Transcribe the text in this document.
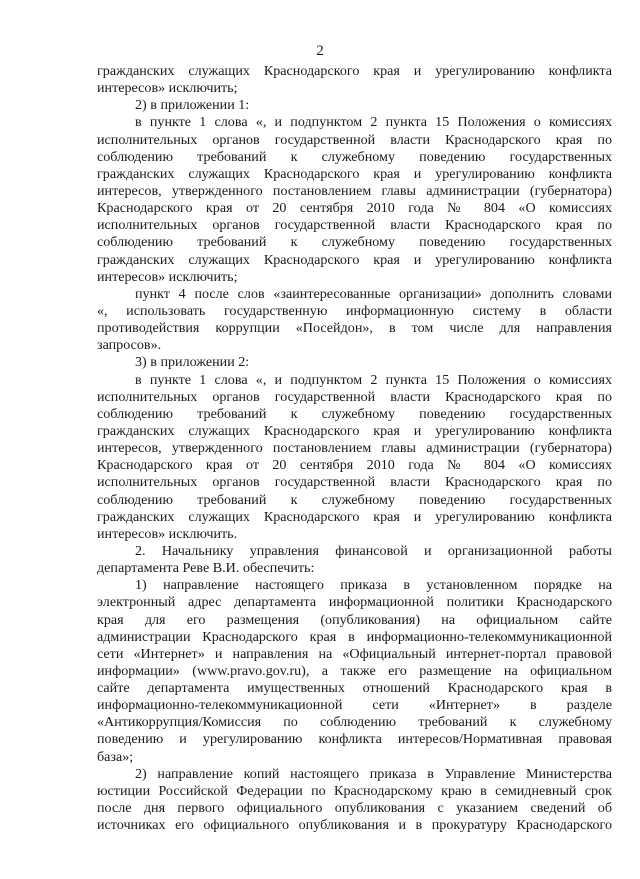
2
гражданских служащих Краснодарского края и урегулированию конфликта
интересов» исключить;
2) в приложении 1:
в пункте 1 слова «, и подпунктом 2 пункта 15 Положения о комиссиях
исполнительных органов государственной власти Краснодарского края по
соблюдению требований к служебному поведению государственных
гражданских служащих Краснодарского края и урегулированию конфликта
интересов, утвержденного постановлением главы администрации (губернатора)
Краснодарского края от 20 сентября 2010 года № 804 «О комиссиях
исполнительных органов государственной власти Краснодарского края по
соблюдению требований к служебному поведению государственных
гражданских служащих Краснодарского края и урегулированию конфликта
интересов» исключить;
пункт 4 после слов «заинтересованные организации» дополнить словами
«, использовать государственную информационную систему в области
противодействия коррупции «Посейдон», в том числе для направления
запросов».
3) в приложении 2:
в пункте 1 слова «, и подпунктом 2 пункта 15 Положения о комиссиях
исполнительных органов государственной власти Краснодарского края по
соблюдению требований к служебному поведению государственных
гражданских служащих Краснодарского края и урегулированию конфликта
интересов, утвержденного постановлением главы администрации (губернатора)
Краснодарского края от 20 сентября 2010 года № 804 «О комиссиях
исполнительных органов государственной власти Краснодарского края по
соблюдению требований к служебному поведению государственных
гражданских служащих Краснодарского края и урегулированию конфликта
интересов» исключить.
2. Начальнику управления финансовой и организационной работы
департамента Реве В.И. обеспечить:
1) направление настоящего приказа в установленном порядке на
электронный адрес департамента информационной политики Краснодарского
края для его размещения (опубликования) на официальном сайте
администрации Краснодарского края в информационно-телекоммуникационной
сети «Интернет» и направления на «Официальный интернет-портал правовой
информации» (www.pravo.gov.ru), а также его размещение на официальном
сайте департамента имущественных отношений Краснодарского края в
информационно-телекоммуникационной сети «Интернет» в разделе
«Антикоррупция/Комиссия по соблюдению требований к служебному
поведению и урегулированию конфликта интересов/Нормативная правовая
база»;
2) направление копий настоящего приказа в Управление Министерства
юстиции Российской Федерации по Краснодарскому краю в семидневный срок
после дня первого официального опубликования с указанием сведений об
источниках его официального опубликования и в прокуратуру Краснодарского
